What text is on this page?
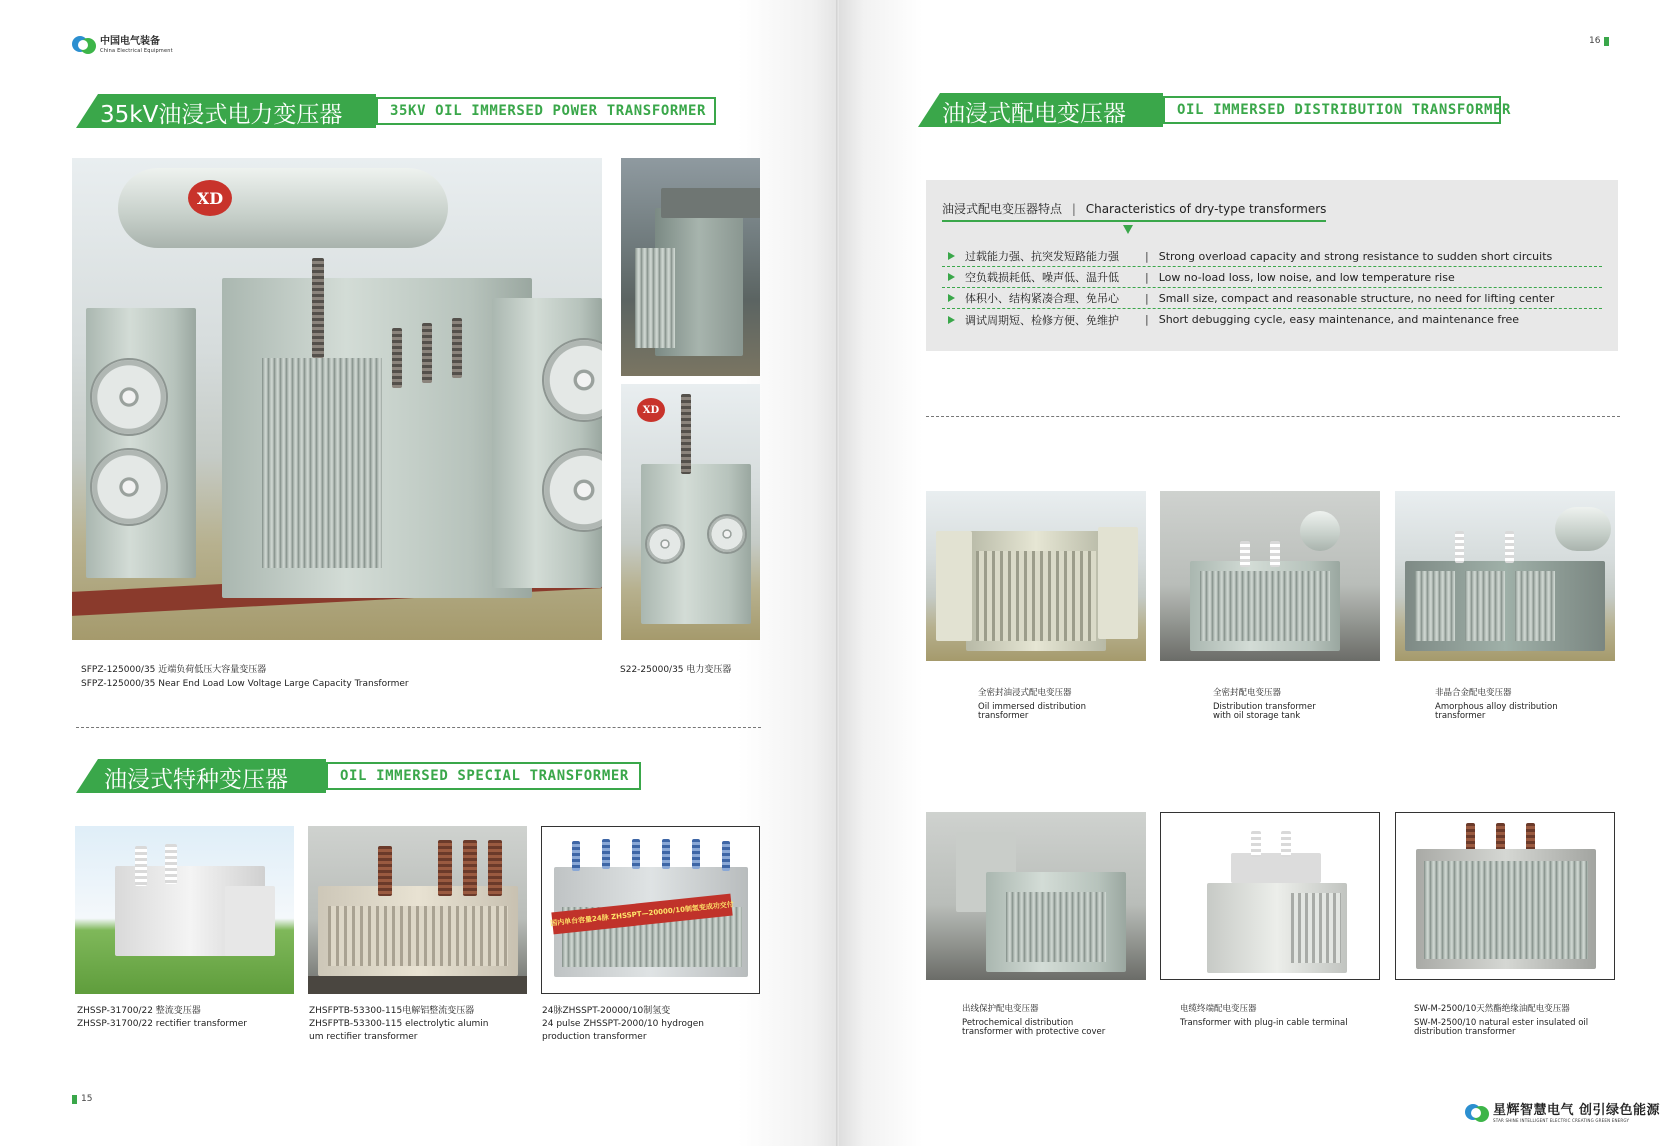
中国电气装备
China Electrical Equipment
35kV油浸式电力变压器	35KV OIL IMMERSED POWER TRANSFORMER
XD
XD
SFPZ-125000/35 近端负荷低压大容量变压器
SFPZ-125000/35 Near End Load Low Voltage Large Capacity Transformer
S22-25000/35 电力变压器
油浸式特种变压器	OIL IMMERSED SPECIAL TRANSFORMER
国内单台容量24脉 ZHSSPT—20000/10制氢变成功交付
ZHSSP-31700/22 整流变压器
ZHSSP-31700/22 rectifier transformer
ZHSFPTB-53300-115电解铝整流变压器
ZHSFPTB-53300-115 electrolytic alumin
um rectifier transformer
24脉ZHSSPT-20000/10制氢变
24 pulse ZHSSPT-2000/10 hydrogen
production transformer
15
16
油浸式配电变压器	OIL IMMERSED DISTRIBUTION TRANSFORMER
油浸式配电变压器特点 | Characteristics of dry-type transformers
过载能力强、抗突发短路能力强	| Strong overload capacity and strong resistance to sudden short circuits
空负载损耗低、噪声低、温升低	| Low no-load loss, low noise, and low temperature rise
体积小、结构紧凑合理、免吊心	| Small size, compact and reasonable structure, no need for lifting center
调试周期短、检修方便、免维护	| Short debugging cycle, easy maintenance, and maintenance free
全密封油浸式配电变压器
Oil immersed distribution
transformer
全密封配电变压器
Distribution transformer
with oil storage tank
非晶合金配电变压器
Amorphous alloy distribution
transformer
出线保护配电变压器
Petrochemical distribution
transformer with protective cover
电缆终端配电变压器
Transformer with plug-in cable terminal
SW-M-2500/10天然酯绝缘油配电变压器
SW-M-2500/10 natural ester insulated oil
distribution transformer
星辉智慧电气 创引绿色能源
STAR SHINE INTELLIGENT ELECTRIC CREATING GREEN ENERGY
